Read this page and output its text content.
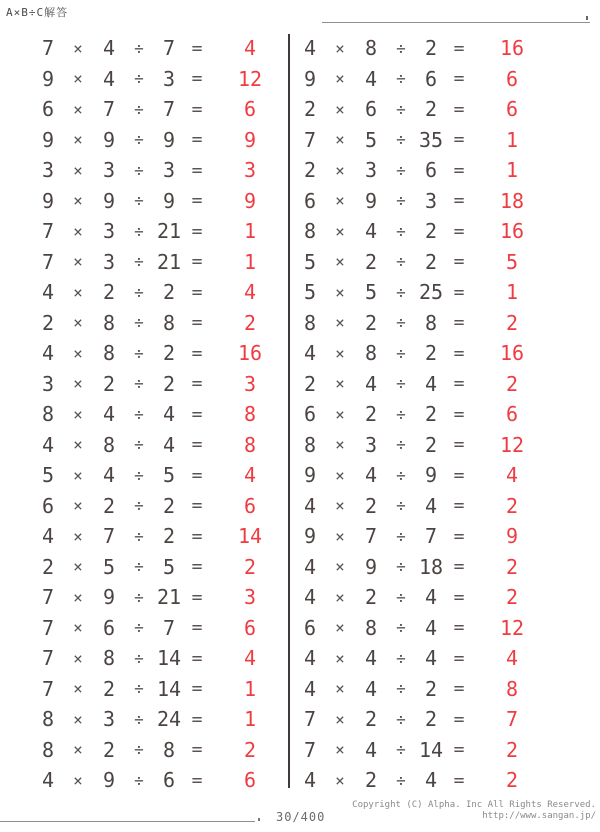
A×B÷C解答
7 × 4 ÷ 7 = 4
9 × 4 ÷ 3 = 12
6 × 7 ÷ 7 = 6
9 × 9 ÷ 9 = 9
3 × 3 ÷ 3 = 3
9 × 9 ÷ 9 = 9
7 × 3 ÷ 21 = 1
7 × 3 ÷ 21 = 1
4 × 2 ÷ 2 = 4
2 × 8 ÷ 8 = 2
4 × 8 ÷ 2 = 16
3 × 2 ÷ 2 = 3
8 × 4 ÷ 4 = 8
4 × 8 ÷ 4 = 8
5 × 4 ÷ 5 = 4
6 × 2 ÷ 2 = 6
4 × 7 ÷ 2 = 14
2 × 5 ÷ 5 = 2
7 × 9 ÷ 21 = 3
7 × 6 ÷ 7 = 6
7 × 8 ÷ 14 = 4
7 × 2 ÷ 14 = 1
8 × 3 ÷ 24 = 1
8 × 2 ÷ 8 = 2
4 × 9 ÷ 6 = 6
4 × 8 ÷ 2 = 16
9 × 4 ÷ 6 = 6
2 × 6 ÷ 2 = 6
7 × 5 ÷ 35 = 1
2 × 3 ÷ 6 = 1
6 × 9 ÷ 3 = 18
8 × 4 ÷ 2 = 16
5 × 2 ÷ 2 = 5
5 × 5 ÷ 25 = 1
8 × 2 ÷ 8 = 2
4 × 8 ÷ 2 = 16
2 × 4 ÷ 4 = 2
6 × 2 ÷ 2 = 6
8 × 3 ÷ 2 = 12
9 × 4 ÷ 9 = 4
4 × 2 ÷ 4 = 2
9 × 7 ÷ 7 = 9
4 × 9 ÷ 18 = 2
4 × 2 ÷ 4 = 2
6 × 8 ÷ 4 = 12
4 × 4 ÷ 4 = 4
4 × 4 ÷ 2 = 8
7 × 2 ÷ 2 = 7
7 × 4 ÷ 14 = 2
4 × 2 ÷ 4 = 2
30/400
Copyright (C) Alpha. Inc All Rights Reserved.
http://www.sangan.jp/
